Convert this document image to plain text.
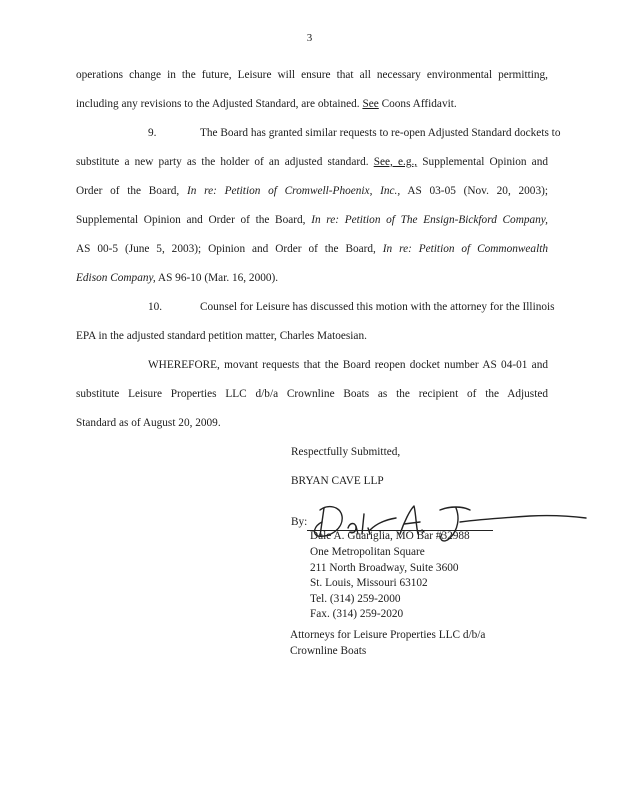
3
operations change in the future, Leisure will ensure that all necessary environmental permitting,
including any revisions to the Adjusted Standard, are obtained. See Coons Affidavit.
9.	The Board has granted similar requests to re-open Adjusted Standard dockets to
substitute a new party as the holder of an adjusted standard. See, e.g., Supplemental Opinion and
Order of the Board, In re: Petition of Cromwell-Phoenix, Inc., AS 03-05 (Nov. 20, 2003);
Supplemental Opinion and Order of the Board, In re: Petition of The Ensign-Bickford Company,
AS 00-5 (June 5, 2003); Opinion and Order of the Board, In re: Petition of Commonwealth
Edison Company, AS 96-10 (Mar. 16, 2000).
10.	Counsel for Leisure has discussed this motion with the attorney for the Illinois
EPA in the adjusted standard petition matter, Charles Matoesian.
WHEREFORE, movant requests that the Board reopen docket number AS 04-01 and
substitute Leisure Properties LLC d/b/a Crownline Boats as the recipient of the Adjusted
Standard as of August 20, 2009.
Respectfully Submitted,
BRYAN CAVE LLP
By:
Dale A. Guariglia, MO Bar #32988
One Metropolitan Square
211 North Broadway, Suite 3600
St. Louis, Missouri 63102
Tel. (314) 259-2000
Fax. (314) 259-2020
Attorneys for Leisure Properties LLC d/b/a
Crownline Boats
